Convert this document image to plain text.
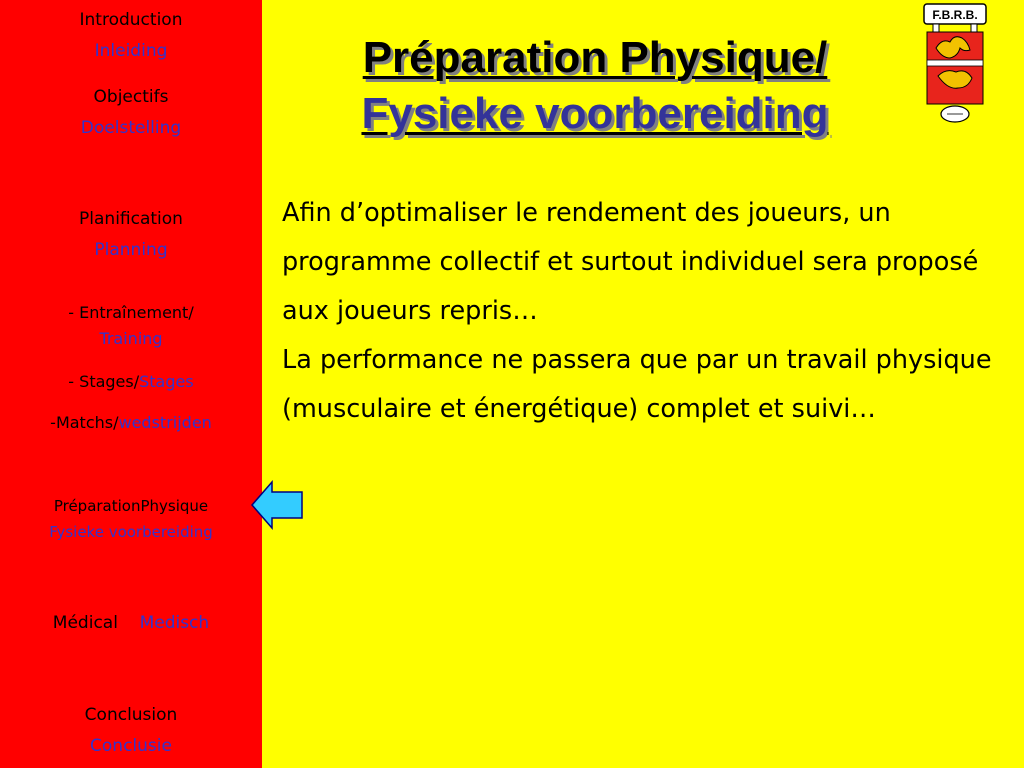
Introduction
Inleiding
Objectifs
Doelstelling
Planification
Planning
- Entraînement/
Training
- Stages/Stages
-Matchs/wedstrijden
PréparationPhysique
Fysieke voorbereiding
Médical Medisch
Conclusion
Conclusie
Préparation Physique/
Fysieke voorbereiding
F.B.R.B.

Afin d’optimaliser le rendement des joueurs, un programme collectif et surtout individuel sera proposé aux joueurs repris…

La performance ne passera que par un travail physique (musculaire et énergétique) complet et suivi…
